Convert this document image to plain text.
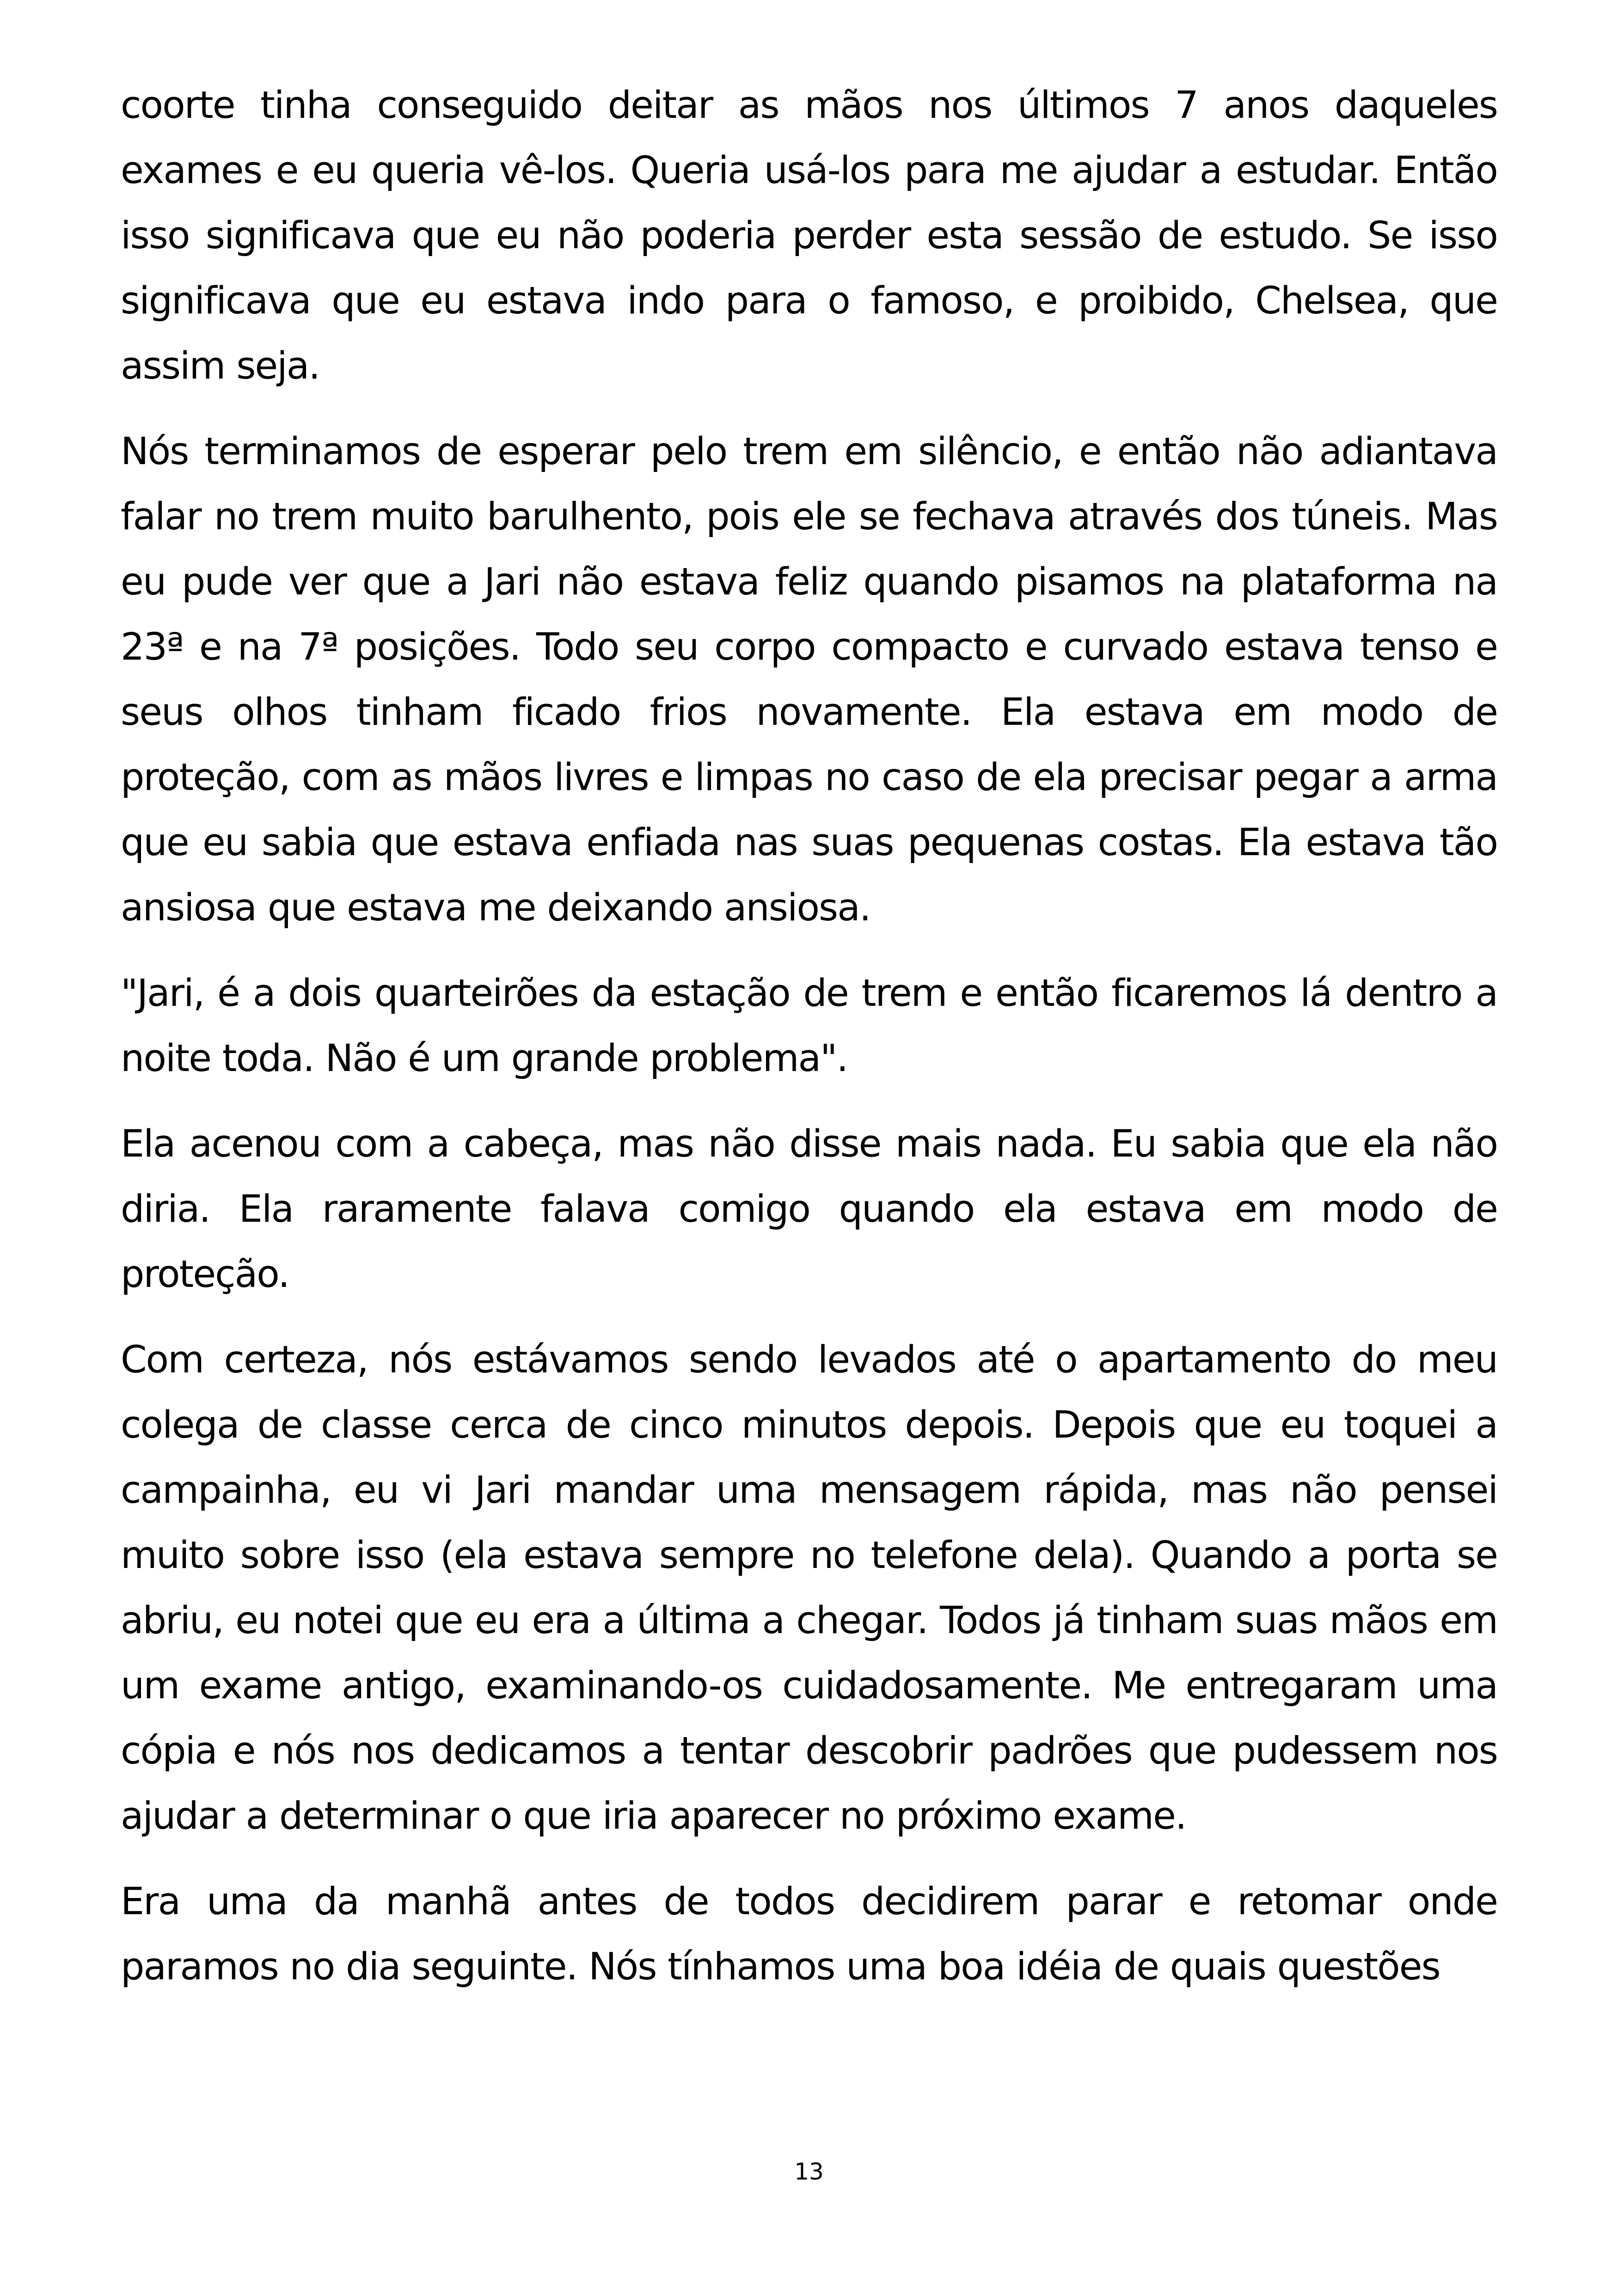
coorte tinha conseguido deitar as mãos nos últimos 7 anos daqueles exames e eu queria vê-los. Queria usá-los para me ajudar a estudar. Então isso significava que eu não poderia perder esta sessão de estudo. Se isso significava que eu estava indo para o famoso, e proibido, Chelsea, que assim seja.

Nós terminamos de esperar pelo trem em silêncio, e então não adiantava falar no trem muito barulhento, pois ele se fechava através dos túneis. Mas eu pude ver que a Jari não estava feliz quando pisamos na plataforma na 23ª e na 7ª posições. Todo seu corpo compacto e curvado estava tenso e seus olhos tinham ficado frios novamente. Ela estava em modo de proteção, com as mãos livres e limpas no caso de ela precisar pegar a arma que eu sabia que estava enfiada nas suas pequenas costas. Ela estava tão ansiosa que estava me deixando ansiosa.

"Jari, é a dois quarteirões da estação de trem e então ficaremos lá dentro a noite toda. Não é um grande problema".

Ela acenou com a cabeça, mas não disse mais nada. Eu sabia que ela não diria. Ela raramente falava comigo quando ela estava em modo de proteção.

Com certeza, nós estávamos sendo levados até o apartamento do meu colega de classe cerca de cinco minutos depois. Depois que eu toquei a campainha, eu vi Jari mandar uma mensagem rápida, mas não pensei muito sobre isso (ela estava sempre no telefone dela). Quando a porta se abriu, eu notei que eu era a última a chegar. Todos já tinham suas mãos em um exame antigo, examinando-os cuidadosamente. Me entregaram uma cópia e nós nos dedicamos a tentar descobrir padrões que pudessem nos ajudar a determinar o que iria aparecer no próximo exame.

Era uma da manhã antes de todos decidirem parar e retomar onde paramos no dia seguinte. Nós tínhamos uma boa idéia de quais questões

13
